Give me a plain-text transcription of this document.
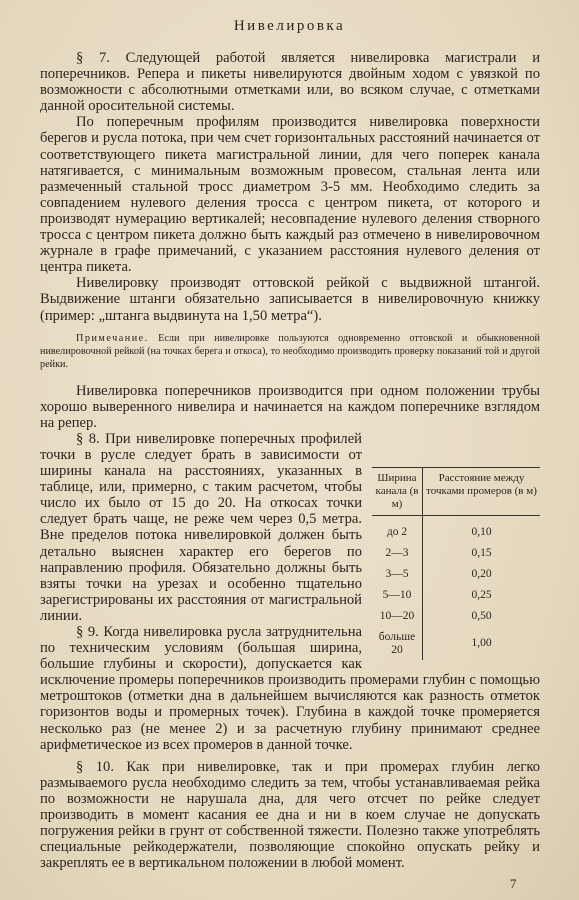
Нивелировка

§ 7. Следующей работой является нивелировка магистрали и поперечников. Репера и пикеты нивелируются двойным ходом с увязкой по возможности с абсолютными отметками или, во всяком случае, с отметками данной оросительной системы.

По поперечным профилям производится нивелировка поверхности берегов и русла потока, при чем счет горизонтальных расстояний начинается от соответствующего пикета магистральной линии, для чего поперек канала натягивается, с минимальным возможным провесом, стальная лента или размеченный стальной тросс диаметром 3-5 мм. Необходимо следить за совпадением нулевого деления тросса с центром пикета, от которого и производят нумерацию вертикалей; несовпадение нулевого деления створного тросса с центром пикета должно быть каждый раз отмечено в нивелировочном журнале в графе примечаний, с указанием расстояния нулевого деления от центра пикета.

Нивелировку производят оттовской рейкой с выдвижной штангой. Выдвижение штанги обязательно записывается в нивелировочную книжку (пример: „штанга выдвинута на 1,50 метра“).

Примечание. Если при нивелировке пользуются одновременно оттовской и обыкновенной нивелировочной рейкой (на точках берега и откоса), то необходимо производить проверку показаний той и другой рейки.

Нивелировка поперечников производится при одном положении трубы хорошо выверенного нивелира и начинается на каждом поперечнике взглядом на репер.

Ширина канала (в м)	Расстояние между точками промеров (в м)

до 2	0,10
2—3	0,15
3—5	0,20
5—10	0,25
10—20	0,50
больше 20	1,00
§ 8. При нивелировке поперечных профилей точки в русле следует брать в зависимости от ширины канала на расстояниях, указанных в таблице, или, примерно, с таким расчетом, чтобы число их было от 15 до 20. На откосах точки следует брать чаще, не реже чем через 0,5 метра. Вне пределов потока нивелировкой должен быть детально выяснен характер его берегов по направлению профиля. Обязательно должны быть взяты точки на урезах и особенно тщательно зарегистрированы их расстояния от магистральной линии.

§ 9. Когда нивелировка русла затруднительна по техническим условиям (большая ширина, большие глубины и скорости), допускается как исключение промеры поперечников производить промерами глубин с помощью метроштоков (отметки дна в дальнейшем вычисляются как разность отметок горизонтов воды и промерных точек). Глубина в каждой точке промеряется несколько раз (не менее 2) и за расчетную глубину принимают среднее арифметическое из всех промеров в данной точке.

§ 10. Как при нивелировке, так и при промерах глубин легко размываемого русла необходимо следить за тем, чтобы устанавливаемая рейка по возможности не нарушала дна, для чего отсчет по рейке следует производить в момент касания ее дна и ни в коем случае не допускать погружения рейки в грунт от собственной тяжести. Полезно также употреблять специальные рейкодержатели, позволяющие спокойно опускать рейку и закреплять ее в вертикальном положении в любой момент.

7
